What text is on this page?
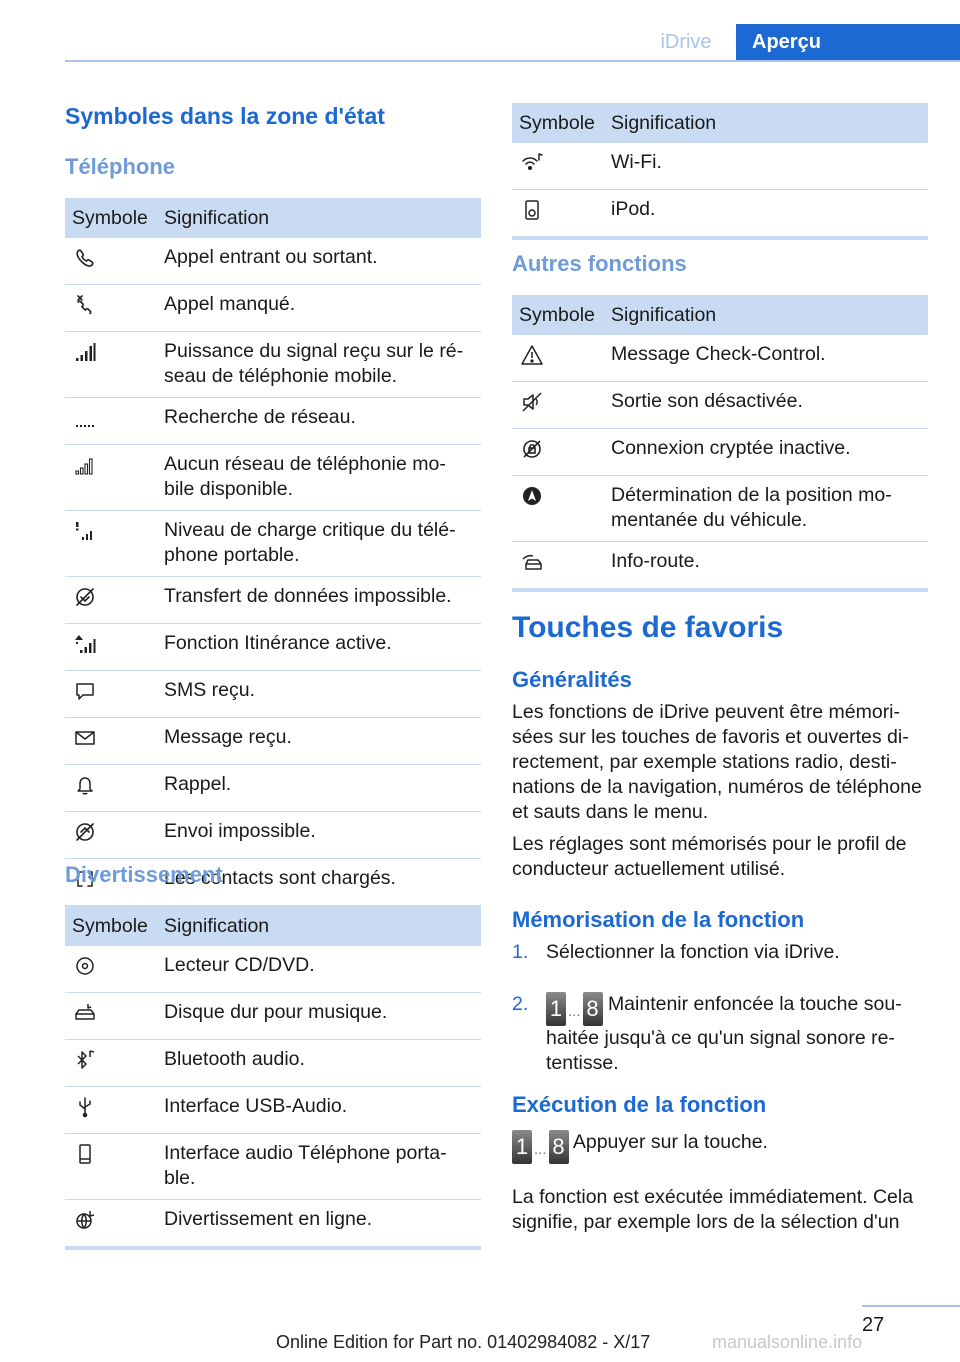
iDrive	Aperçu
Symboles dans la zone d'état
Téléphone
Symbole	Signification

	Appel entrant ou sortant.

	Appel manqué.

	Puissance du signal reçu sur le ré- seau de téléphonie mobile.

	Recherche de réseau.

	Aucun réseau de téléphonie mo- bile disponible.

	Niveau de charge critique du télé- phone portable.

	Transfert de données impossible.

	Fonction Itinérance active.

	SMS reçu.

	Message reçu.

	Rappel.

	Envoi impossible.

	Les contacts sont chargés.
Divertissement
Symbole	Signification

	Lecteur CD/DVD.

	Disque dur pour musique.

	Bluetooth audio.

	Interface USB-Audio.

	Interface audio Téléphone porta- ble.

	Divertissement en ligne.
Symbole	Signification

	Wi-Fi.

	iPod.
Autres fonctions
Symbole	Signification

	Message Check-Control.

	Sortie son désactivée.

	Connexion cryptée inactive.

	Détermination de la position mo- mentanée du véhicule.

	Info-route.
Touches de favoris
Généralités

Les fonctions de iDrive peuvent être mémori- sées sur les touches de favoris et ouvertes di- rectement, par exemple stations radio, desti- nations de la navigation, numéros de téléphone et sauts dans le menu.

Les réglages sont mémorisés pour le profil de conducteur actuellement utilisé.

Mémorisation de la fonction
1. Sélectionner la fonction via iDrive.
2. 1 ... 8 Maintenir enfoncée la touche sou- haitée jusqu'à ce qu'un signal sonore re- tentisse.
Exécution de la fonction
1 ... 8 Appuyer sur la touche.

La fonction est exécutée immédiatement. Cela signifie, par exemple lors de la sélection d'un

27
Online Edition for Part no. 01402984082 - X/17	manualsonline.info
